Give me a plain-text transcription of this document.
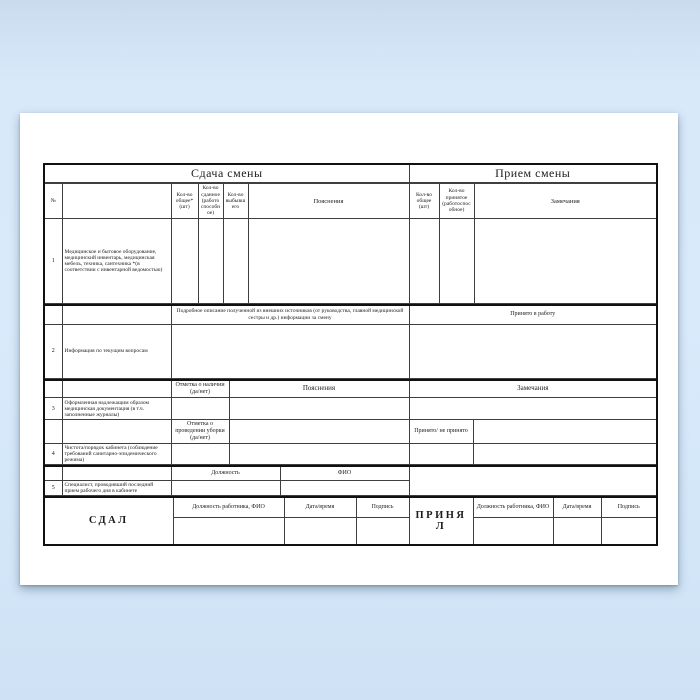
Сдача смены	Прием смены
№		Кол-во общее* (шт)	Кол-во сданное (работоспособное)	Кол-во выбывшего	Пояснения	Кол-во общее (шт)	Кол-во принятое (работоспособное)	Замечания
1	Медицинское и бытовое оборудование, медицинский инвентарь, медицинская мебель, техника, сантехника *(в соответствии с инвентарной ведомостью)							
		Подробное описание полученной из внешних источников (от руководства, главной медицинской сестры и др.) информации за смену	Принято в работу
2	Информация по текущим вопросам		
		Отметка о наличии (да/нет)	Пояснения	Замечания	
3	Оформленная надлежащим образом медицинская документация (в т.ч. заполненные журналы)				
		Отметка о проведении уборки (да/нет)		Принято/ не принято	
4	Чистота/порядок кабинета (соблюдение требований санитарно-эпидемического режима)				
		Должность	ФИО	
5	Специалист, проводивший последний прием рабочего дня в кабинете			
СДАЛ	Должность работника, ФИО	Дата/время	Подпись	ПРИНЯЛ	Должность работника, ФИО	Дата/время	Подпись
